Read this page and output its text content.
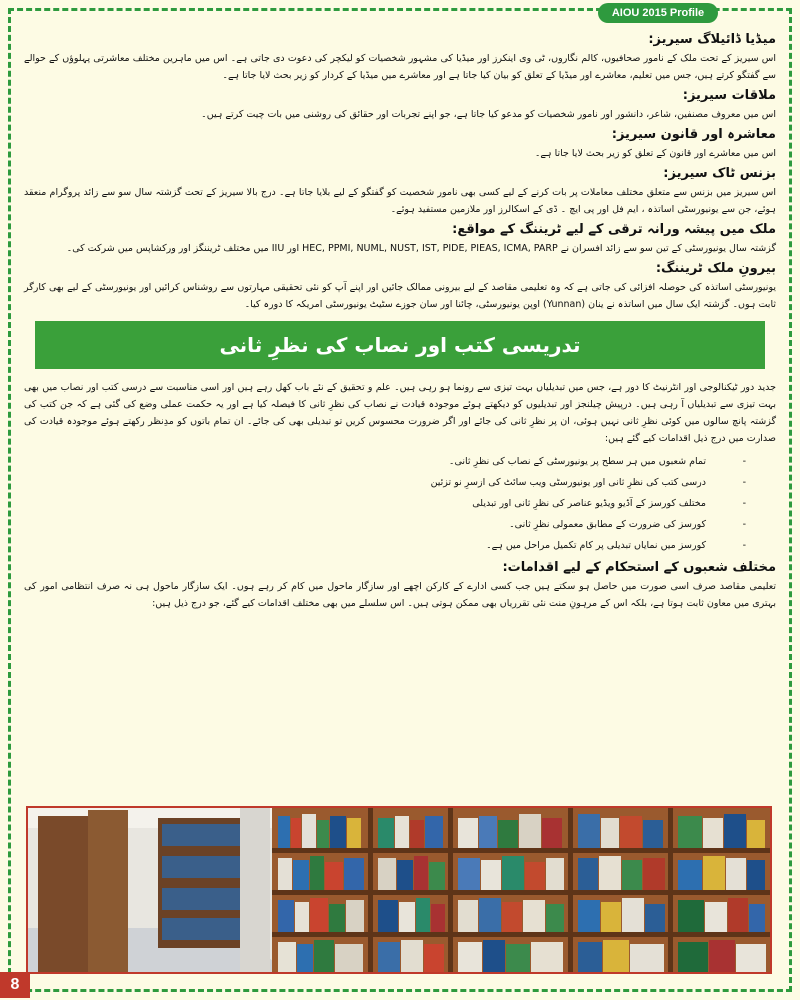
AIOU 2015 Profile
میڈیا ڈائیلاگ سیریز:

اس سیریز کے تحت ملک کے نامور صحافیوں، کالم نگاروں، ٹی وی اینکرز اور میڈیا کی مشہور شخصیات کو لیکچر کی دعوت دی جاتی ہے۔ اس میں ماہرین مختلف معاشرتی پہلوؤں کے حوالے سے گفتگو کرتے ہیں، جس میں تعلیم، معاشرے اور میڈیا کے تعلق کو بیان کیا جاتا ہے اور معاشرے میں میڈیا کے کردار کو زیر بحث لایا جاتا ہے۔

ملاقات سیریز:

اس میں معروف مصنفین، شاعر، دانشور اور نامور شخصیات کو مدعو کیا جاتا ہے، جو اپنے تجربات اور حقائق کی روشنی میں بات چیت کرتے ہیں۔

معاشرہ اور قانون سیریز:

اس میں معاشرے اور قانون کے تعلق کو زیر بحث لایا جاتا ہے۔

بزنس ٹاک سیریز:

اس سیریز میں بزنس سے متعلق مختلف معاملات پر بات کرنے کے لیے کسی بھی نامور شخصیت کو گفتگو کے لیے بلایا جاتا ہے۔ درج بالا سیریز کے تحت گزشتہ سال سو سے زائد پروگرام منعقد ہوئے، جن سے یونیورسٹی اساتذہ ، ایم فل اور پی ایچ ۔ ڈی کے اسکالرز اور ملازمین مستفید ہوئے۔

ملک میں پیشہ ورانہ ترقی کے لیے ٹریننگ کے مواقع:

گزشتہ سال یونیورسٹی کے تین سو سے زائد افسران نے HEC, PPMI, NUML, NUST, IST, PIDE, PIEAS, ICMA, PARP اور IIU میں مختلف ٹریننگز اور ورکشاپس میں شرکت کی۔

بیرونِ ملک ٹریننگ:

یونیورسٹی اساتذہ کی حوصلہ افزائی کی جاتی ہے کہ وہ تعلیمی مقاصد کے لیے بیرونی ممالک جائیں اور اپنے آپ کو نئی تحقیقی مہارتوں سے روشناس کرائیں اور یونیورسٹی کے لیے بھی کارگر ثابت ہوں۔ گزشتہ ایک سال میں اساتذہ نے ینان (Yunnan) اوپن یونیورسٹی، چائنا اور سان جوزے سٹیٹ یونیورسٹی امریکہ کا دورہ کیا۔

تدریسی کتب اور نصاب کی نظرِ ثانی

جدید دور ٹیکنالوجی اور انٹرنیٹ کا دور ہے، جس میں تبدیلیاں بہت تیزی سے رونما ہو رہی ہیں۔ علم و تحقیق کے نئے باب کھل رہے ہیں اور اسی مناسبت سے درسی کتب اور نصاب میں بھی بہت تیزی سے تبدیلیاں آ رہی ہیں۔ درپیش چیلنجز اور تبدیلیوں کو دیکھتے ہوئے موجودہ قیادت نے نصاب کی نظرِ ثانی کا فیصلہ کیا ہے اور یہ حکمت عملی وضع کی گئی ہے کہ جن کتب کی گزشتہ پانچ سالوں میں کوئی نظرِ ثانی نہیں ہوئی، ان پر نظرِ ثانی کی جائے اور اگر ضرورت محسوس کریں تو تبدیلی بھی کی جائے۔ ان تمام باتوں کو مدِنظر رکھتے ہوئے موجودہ قیادت کی صدارت میں درج ذیل اقدامات کیے گئے ہیں:

-
تمام شعبوں میں ہر سطح پر یونیورسٹی کے نصاب کی نظرِ ثانی۔
-
درسی کتب کی نظرِ ثانی اور یونیورسٹی ویب سائٹ کی ازسرِ نو تزئین
-
مختلف کورسز کے آڈیو ویڈیو عناصر کی نظرِ ثانی اور تبدیلی
-
کورسز کی ضرورت کے مطابق معمولی نظرِ ثانی۔
-
کورسز میں نمایاں تبدیلی پر کام تکمیل مراحل میں ہے۔
مختلف شعبوں کے استحکام کے لیے اقدامات:

تعلیمی مقاصد صرف اسی صورت میں حاصل ہو سکتے ہیں جب کسی ادارے کے کارکن اچھے اور سازگار ماحول میں کام کر رہے ہوں۔ ایک سازگار ماحول ہی نہ صرف انتظامی امور کی بہتری میں معاون ثابت ہوتا ہے، بلکہ اس کے مرہونِ منت نئی تقرریاں بھی ممکن ہوتی ہیں۔ اس سلسلے میں بھی مختلف اقدامات کیے گئے، جو درج ذیل ہیں:

8
